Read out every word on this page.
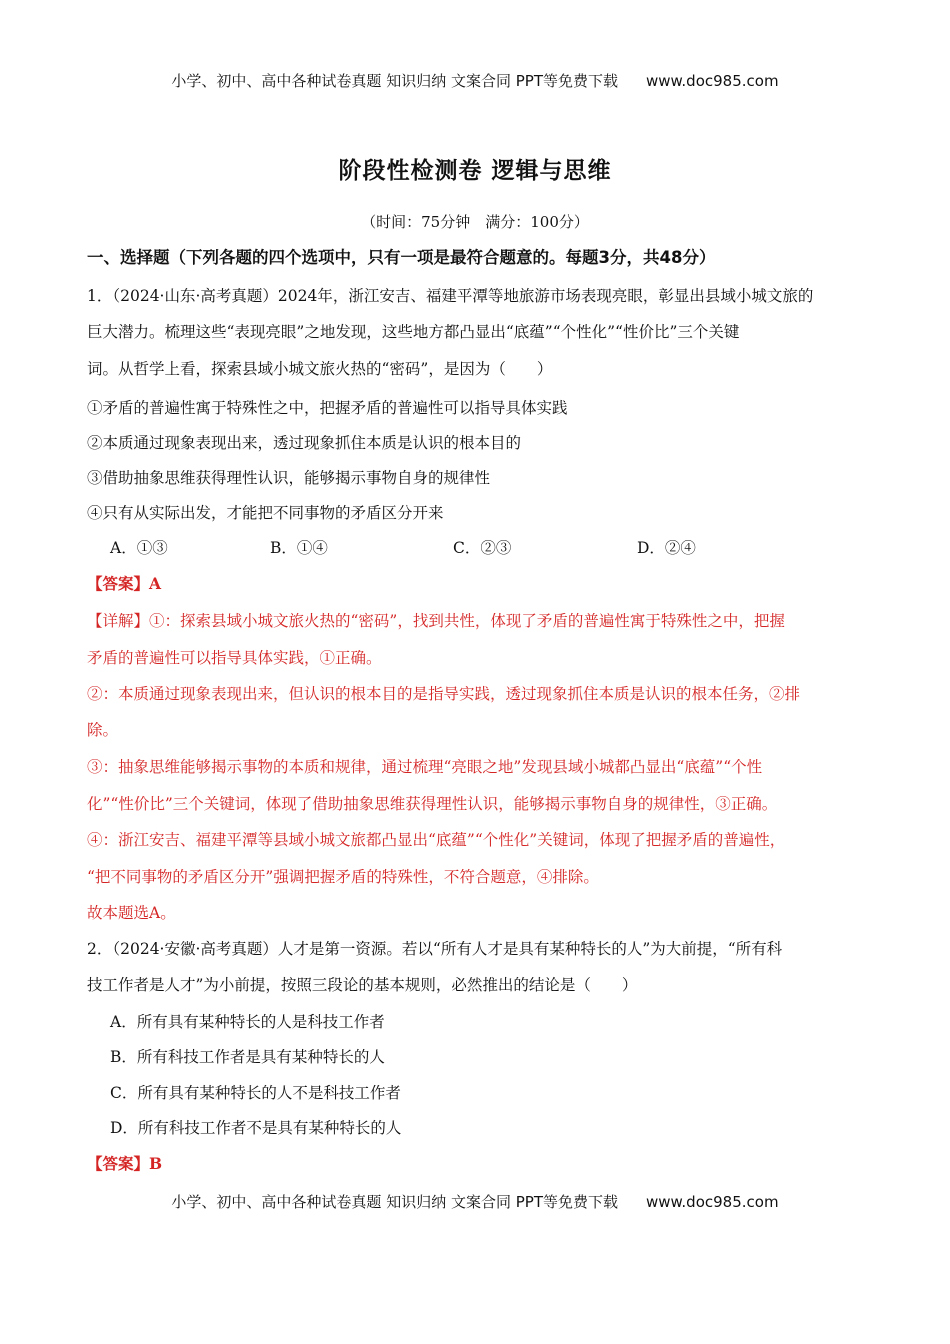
小学、初中、高中各种试卷真题 知识归纳 文案合同 PPT等免费下载 www.doc985.com
阶段性检测卷 逻辑与思维
（时间：75分钟　满分：100分）
一、选择题（下列各题的四个选项中，只有一项是最符合题意的。每题3分，共48分）
1．（2024·山东·高考真题）2024年，浙江安吉、福建平潭等地旅游市场表现亮眼，彰显出县域小城文旅的
巨大潜力。梳理这些“表现亮眼”之地发现，这些地方都凸显出“底蕴”“个性化”“性价比”三个关键
词。从哲学上看，探索县域小城文旅火热的“密码”，是因为（　　）
①矛盾的普遍性寓于特殊性之中，把握矛盾的普遍性可以指导具体实践
②本质通过现象表现出来，透过现象抓住本质是认识的根本目的
③借助抽象思维获得理性认识，能够揭示事物自身的规律性
④只有从实际出发，才能把不同事物的矛盾区分开来
A．①③	B．①④	C．②③	D．②④
【答案】A
【详解】①：探索县域小城文旅火热的“密码”，找到共性，体现了矛盾的普遍性寓于特殊性之中，把握
矛盾的普遍性可以指导具体实践，①正确。
②：本质通过现象表现出来，但认识的根本目的是指导实践，透过现象抓住本质是认识的根本任务，②排
除。
③：抽象思维能够揭示事物的本质和规律，通过梳理“亮眼之地”发现县域小城都凸显出“底蕴”“个性
化”“性价比”三个关键词，体现了借助抽象思维获得理性认识，能够揭示事物自身的规律性，③正确。
④：浙江安吉、福建平潭等县域小城文旅都凸显出“底蕴”“个性化”关键词，体现了把握矛盾的普遍性，
“把不同事物的矛盾区分开”强调把握矛盾的特殊性，不符合题意，④排除。
故本题选A。
2．（2024·安徽·高考真题）人才是第一资源。若以“所有人才是具有某种特长的人”为大前提，“所有科
技工作者是人才”为小前提，按照三段论的基本规则，必然推出的结论是（　　）
A．所有具有某种特长的人是科技工作者
B．所有科技工作者是具有某种特长的人
C．所有具有某种特长的人不是科技工作者
D．所有科技工作者不是具有某种特长的人
【答案】B
小学、初中、高中各种试卷真题 知识归纳 文案合同 PPT等免费下载 www.doc985.com
